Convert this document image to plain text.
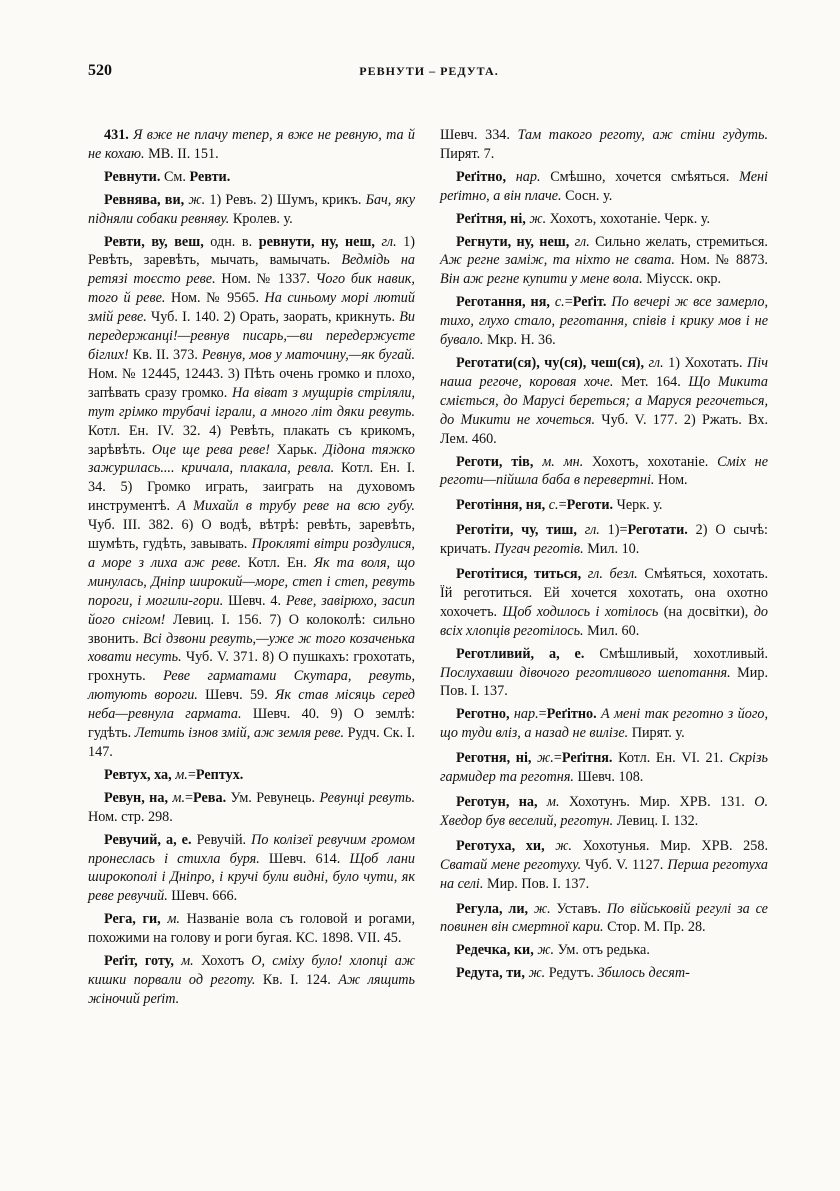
520	РЕВНУТИ – РЕДУТА.

431. Я вже не плачу тепер, я вже не ревную, та й не кохаю. МВ. II. 151.

Ревнути. См. Ревти.

Ревнява, ви, ж. 1) Ревъ. 2) Шумъ, крикъ. Бач, яку підняли собаки ревняву. Кролев. у.

Ревти, ву, веш, одн. в. ревнути, ну, неш, гл. 1) Ревѣть, заревѣть, мычать, вамычать. Ведмідь на ретязі тоєсто реве. Ном. № 1337. Чого бик навик, того й реве. Ном. № 9565. На синьому морі лютий змій реве. Чуб. I. 140. 2) Орать, заорать, крикнуть. Ви передержанці!—ревнув писарь,—ви передержуєте біглих! Кв. II. 373. Ревнув, мов у маточину,—як бугай. Ном. № 12445, 12443. 3) Пѣть очень громко и плохо, запѣвать сразу громко. На віват з мущирів стріляли, тут грімко трубачі іграли, а много літ дяки ревуть. Котл. Ен. IV. 32. 4) Ревѣть, плакать съ крикомъ, зарѣвѣть. Оце ще рева реве! Харьк. Дідона тяжко зажурилась.... кричала, плакала, ревла. Котл. Ен. I. 34. 5) Громко играть, заиграть на духовомъ инструментѣ. А Михайл в трубу реве на всю губу. Чуб. III. 382. 6) О водѣ, вѣтрѣ: ревѣть, заревѣть, шумѣть, гудѣть, завывать. Прокляті вітри роздулися, а море з лиха аж реве. Котл. Ен. Як та воля, що минулась, Дніпр широкий—море, степ і степ, ревуть пороги, і могили-гори. Шевч. 4. Реве, завірюхо, засип його снігом! Левиц. I. 156. 7) О колоколѣ: сильно звонить. Всі дзвони ревуть,—уже ж того козаченька ховати несуть. Чуб. V. 371. 8) О пушкахъ: грохотать, грохнуть. Реве гарматами Скутара, ревуть, лютують вороги. Шевч. 59. Як став місяць серед неба—ревнула гармата. Шевч. 40. 9) О землѣ: гудѣть. Летить ізнов змій, аж земля реве. Рудч. Ск. I. 147.

Ревтух, ха, м.=Рептух.

Ревун, на, м.=Рева. Ум. Ревунець. Ревунці ревуть. Ном. стр. 298.

Ревучий, а, е. Ревучій. По колізеї ревучим громом пронеслась і стихла буря. Шевч. 614. Щоб лани широкополі і Дніпро, і кручі були видні, було чути, як реве ревучий. Шевч. 666.

Рега, ги, м. Названіе вола съ головой и рогами, похожими на голову и роги бугая. КС. 1898. VII. 45.

Реґіт, готу, м. Хохотъ О, сміху було! хлопці аж кишки порвали од реготу. Кв. I. 124. Аж лящить жіночий реґіт.

Шевч. 334. Там такого реготу, аж стіни гудуть. Пирят. 7.

Реґітно, нар. Смѣшно, хочется смѣяться. Мені реґітно, а він плаче. Сосн. у.

Реґітня, ні, ж. Хохотъ, хохотаніе. Черк. у.

Регнути, ну, неш, гл. Сильно желать, стремиться. Аж регне заміж, та ніхто не свата. Ном. № 8873. Він аж регне купити у мене вола. Міусск. окр.

Реготання, ня, с.=Реґіт. По вечері ж все замерло, тихо, глухо стало, реготання, співів і крику мов і не бувало. Мкр. Н. 36.

Реготати(ся), чу(ся), чеш(ся), гл. 1) Хохотать. Піч наша регоче, коровая хоче. Мет. 164. Що Микита сміється, до Марусі береться; а Маруся регочеться, до Микити не хочеться. Чуб. V. 177. 2) Ржать. Вх. Лем. 460.

Реготи, тів, м. мн. Хохотъ, хохотаніе. Сміх не реготи—пійшла баба в перевертні. Ном.

Реготіння, ня, с.=Реготи. Черк. у.

Реготіти, чу, тиш, гл. 1)=Реготати. 2) О сычѣ: кричать. Пугач реготів. Мил. 10.

Реготітися, титься, гл. безл. Смѣяться, хохотать. Їй реготиться. Ей хочется хохотать, она охотно хохочетъ. Щоб ходилось і хотілось (на досвітки), до всіх хлопців реготілось. Мил. 60.

Реготливий, а, е. Смѣшливый, хохотливый. Послухавши дівочого реготливого шепотання. Мир. Пов. I. 137.

Реготно, нар.=Реґітно. А мені так реготно з його, що туди вліз, а назад не вилізе. Пирят. у.

Реготня, ні, ж.=Реґітня. Котл. Ен. VI. 21. Скрізь гармидер та реготня. Шевч. 108.

Реготун, на, м. Хохотунъ. Мир. ХРВ. 131. О. Хведор був веселий, реготун. Левиц. I. 132.

Реготуха, хи, ж. Хохотунья. Мир. ХРВ. 258. Сватай мене реготуху. Чуб. V. 1127. Перша реготуха на селі. Мир. Пов. I. 137.

Регула, ли, ж. Уставъ. По військовій регулі за се повинен він смертної кари. Стор. М. Пр. 28.

Редечка, ки, ж. Ум. отъ редька.

Редута, ти, ж. Редутъ. Збилось десят-
